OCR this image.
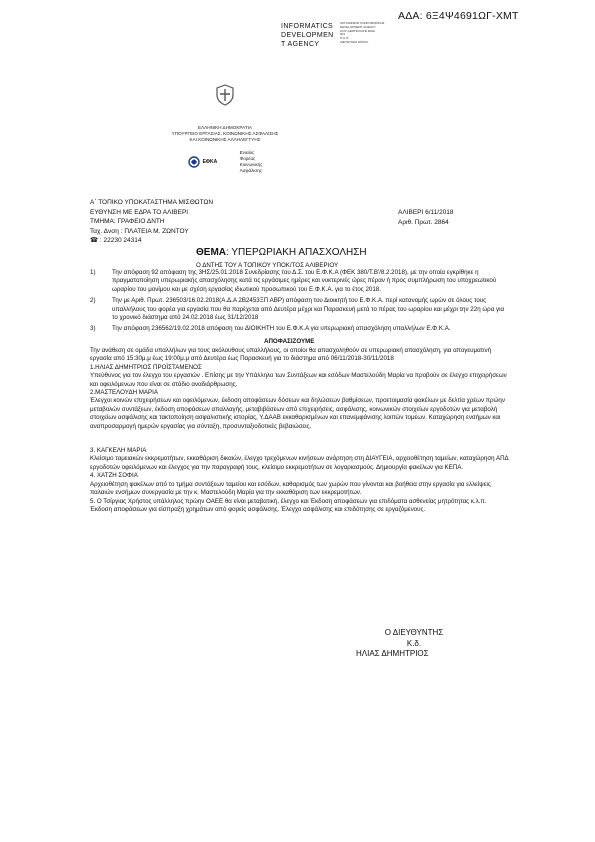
ΑΔΑ: 6Ξ4Ψ4691ΩΓ-ΧΜΤ
INFORMATICS
DEVELOPMEN
T AGENCY
ΟΡΓΑΝΙΣΜΟΣ ΠΛΗΡΟΦΟΡΙΚΗΣ
DEVELOPMENT AGENCY
GOV CERTIFICATE 2009-
001
Π.Δ.Ψ
ΔΙΕΥΘΥΝΣΗ ΟΡΓΑΝ.
ΕΛΛΗΝΙΚΗ ΔΗΜΟΚΡΑΤΙΑ
ΥΠΟΥΡΓΕΙΟ ΕΡΓΑΣΙΑΣ, ΚΟΙΝΩΝΙΚΗΣ ΑΣΦΑΛΙΣΗΣ
ΚΑΙ ΚΟΙΝΩΝΙΚΗΣ ΑΛΛΗΛΕΓΓΥΗΣ
ΕΦΚΑ
Ενιαίος
Φορέας
Κοινωνικής
Ασφάλισης
Α΄ ΤΟΠΙΚΟ ΥΠΟΚΑΤΑΣΤΗΜΑ ΜΙΣΘΩΤΩΝ
ΕΥΘΥΝΣΗ ΜΕ ΕΔΡΑ ΤΟ ΑΛΙΒΕΡΙ
ΤΜΗΜΑ: ΓΡΑΦΕΙΟ ΔΝΤΗ
Ταχ. Δνση : ΠΛΑΤΕΙΑ Μ. ΖΩΝΤΟΥ
☎ : 22230 24314
ΑΛΙΒΕΡΙ 6/11/2018
Αριθ. Πρωτ. 2864
ΘΕΜΑ: ΥΠΕΡΩΡΙΑΚΗ ΑΠΑΣΧΟΛΗΣΗ
Ο ΔΝΤΗΣ ΤΟΥ Α ΤΟΠΙΚΟΥ ΥΠΟΚ/ΤΟΣ ΑΛΙΒΕΡΙΟΥ
1)	Την απόφαση 92 απόφαση της 3ΗΣ/25.01.2018 Συνεδρίασης του Δ.Σ. του Ε.Φ.Κ.Α (ΦΕΚ 380/Τ.Β'/8.2.2018), με την οποία εγκρίθηκε η πραγματοποίηση υπερωριακής απασχόλησης κατά τις εργάσιμες ημέρες και νυκτερινές ώρες πέραν ή προς συμπλήρωση του υποχρεωτικού ωραρίου του μονίμου και με σχέση εργασίας ιδιωτικού προσωπικού του Ε.Φ.Κ.Α. για το έτος 2018.
2)	Την με Αριθ. Πρωτ. 236503/16.02.2018(Α.Δ.Α 2Β2453ΞΠ ΑΒΡ) απόφαση του Διοικητή του Ε.Φ.Κ.Α. περί κατανομής ωρών σε όλους τους υπαλλήλους του φορέα για εργασία που θα παρέχεται από Δευτέρα μέχρι και Παρασκευή μετά το πέρας του ωραρίου και μέχρι την 22η ώρα για το χρονικό διάστημα από 24.02.2018 έως 31/12/2018
3)	Την απόφαση 236562/19.02.2018 απόφαση του ΔΙΟΙΚΗΤΗ του Ε.Φ.Κ.Α για υπερωριακή απασχόληση υπαλλήλων Ε.Φ.Κ.Α.
ΑΠΟΦΑΣΙΖΟΥΜΕ

Την ανάθεση σε ομάδα υπαλλήλων για τους ακόλουθους υπαλλήλους, οι οποίοι θα απασχοληθούν σε υπερωριακή απασχόληση, για απογευματινή εργασία από 15:30μ.μ έως 19:00μ.μ από Δευτέρα έως Παρασκευή για το διάστημα από 06/11/2018-30/11/2018

1.ΗΛΙΑΣ ΔΗΜΗΤΡΙΟΣ ΠΡΟΪΣΤΑΜΕΝΟΣ

Υπεύθυνος για τον έλεγχο του εργασιών . Επίσης με την Υπάλληλο των Συντάξεων και εσόδων Μαστελούδη Μαρία να προβούν σε έλεγχο επιχειρήσεων και οφειλόμενων που είναι σε στάδιο αναδιάρθρωσης.

2.ΜΑΣΤΕΛΟΥΔΗ ΜΑΡΙΑ

Έλεγχοι κοινών επιχειρήσεων και οφειλόμενων, έκδοση αποφάσεων δόσεων και δηλώσεων βαθμίσεων, προετοιμασία φακέλων με δελτία χρέων πρώην μεταβολών συντάξεων, έκδοση αποφάσεων απαλλαγής, μεταβιβάσεων από επιχειρήσεις, ασφάλισης, κοινωνικών στοιχείων εργοδοτών για μεταβολή στοιχείων ασφάλισης και τακτοποίηση ασφαλιστικής ιστορίας, Υ.ΔΑΑΒ εκκαθαρισμένων και επανεμφάνισης λοιπών τομέων. Καταχώρηση ενσήμων και αναπροσαρμογή ημερών εργασίας για σύνταξη, προσυνταξιοδοτικές βεβαιώσεις.

3. ΚΑΓΚΕΛΗ ΜΑΡΙΑ

Κλείσιμο ταμειακών εκκρεμοτήτων, εκκαθάριση δικαιών, έλεγχο τρεχόμενων κινήσεων ανάρτηση στη ΔΙΑΥΓΕΙΑ, αρχειοθέτηση ταμείων, καταχώρηση ΑΠΔ εργοδοτών οφειλόμενων και έλεγχος για την παραγραφή τους, κλείσιμο εκκρεμοτήτων σε λογαριασμούς. Δημιουργία φακέλων για ΚΕΠΑ.

4. ΧΑΤΖΗ ΣΟΦΙΑ

Αρχειοθέτηση φακέλων από το τμήμα συντάξεων ταμείου και εσόδων, καθαρισμός των χωρών που γίνονται και βοήθεια στην εργασία για ελλείψεις παλαιών ενσήμων συνεργασία με την κ. Μαστελούδη Μαρία για την εκκαθάριση των εκκρεμοτήτων.

5. Ο Τσίργιας Χρήστος υπάλληλος πρώην ΟΑΕΕ θα είναι μεταβατική, έλεγχο και Έκδοση αποφάσεων για επιδόματα ασθενείας μητρότητας κ.λ.π.

Έκδοση αποφάσεων για είσπραξη χρημάτων από φορείς ασφάλισης. Έλεγχο ασφάλισης και επιδότησης σε εργαζόμενους.

Ο ΔΙΕΥΘΥΝΤΗΣ
Κ.δ.
ΗΛΙΑΣ ΔΗΜΗΤΡΙΟΣ
